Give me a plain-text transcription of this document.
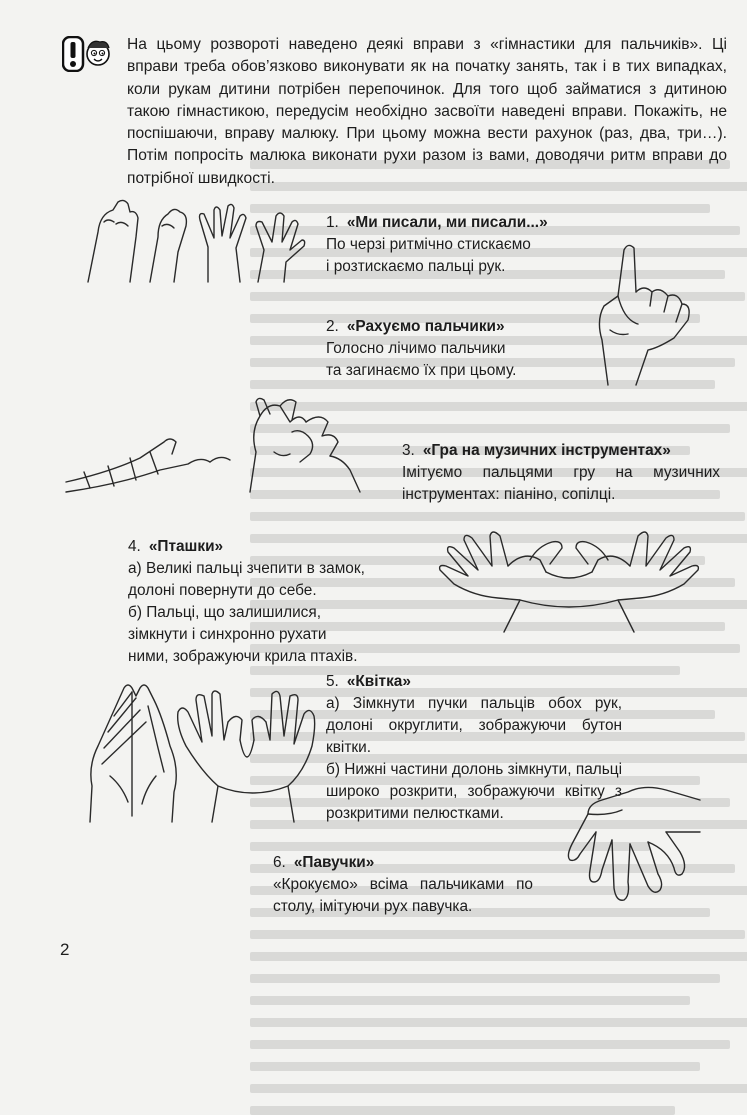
На цьому розвороті наведено деякі вправи з «гімнастики для пальчиків». Ці вправи треба обов’язково виконувати як на початку занять, так і в тих випадках, коли рукам дитини потрібен перепочинок. Для того щоб займатися з дитиною такою гімнастикою, передусім необхідно засвоїти наведені вправи. Покажіть, не поспішаючи, вправу малюку. При цьому можна вести рахунок (раз, два, три…). Потім попросіть малюка виконати рухи разом із вами, доводячи ритм вправи до потрібної швидкості.

1. «Ми писали, ми писали...»

По черзі ритмічно стискаємо

і розтискаємо пальці рук.

2. «Рахуємо пальчики»

Голосно лічимо пальчики

та загинаємо їх при цьому.

3. «Гра на музичних інструментах»

Імітуємо пальцями гру на музичних інструментах: піаніно, сопілці.

4. «Пташки»

а) Великі пальці зчепити в замок, долоні повернути до себе.

б) Пальці, що залишилися, зімкнути і синхронно рухати ними, зображуючи крила птахів.

5. «Квітка»

а) Зімкнути пучки пальців обох рук, долоні округлити, зображуючи бутон квітки.

б) Нижні частини долонь зімкнути, пальці широко розкрити, зображуючи квітку з розкритими пелюстками.

6. «Павучки»

«Крокуємо» всіма пальчиками по столу, імітуючи рух павучка.

2
